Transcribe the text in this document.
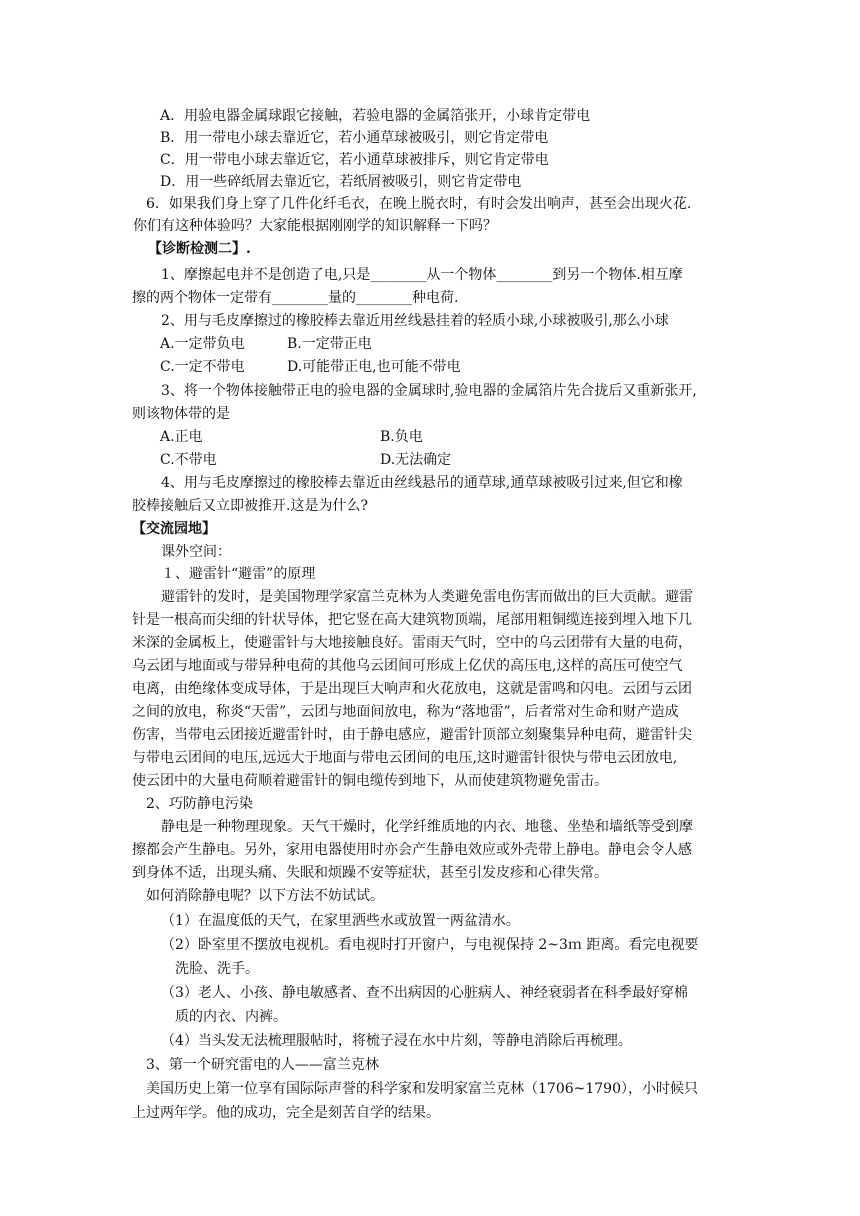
A．用验电器金属球跟它接触，若验电器的金属箔张开，小球肯定带电
B．用一带电小球去靠近它，若小通草球被吸引，则它肯定带电
C．用一带电小球去靠近它，若小通草球被排斥，则它肯定带电
D．用一些碎纸屑去靠近它，若纸屑被吸引，则它肯定带电
6．如果我们身上穿了几件化纤毛衣，在晚上脱衣时，有时会发出响声，甚至会出现火花.
你们有这种体验吗？大家能根据刚刚学的知识解释一下吗？
【诊断检测二】.
1、摩擦起电并不是创造了电,只是________从一个物体________到另一个物体.相互摩
擦的两个物体一定带有________量的________种电荷.
2、用与毛皮摩擦过的橡胶棒去靠近用丝线悬挂着的轻质小球,小球被吸引,那么小球
A.一定带负电	B.一定带正电
C.一定不带电	D.可能带正电,也可能不带电
3、将一个物体接触带正电的验电器的金属球时,验电器的金属箔片先合拢后又重新张开,
则该物体带的是
A.正电	B.负电
C.不带电	D.无法确定
4、用与毛皮摩擦过的橡胶棒去靠近由丝线悬吊的通草球,通草球被吸引过来,但它和橡
胶棒接触后又立即被推开.这是为什么?
【交流园地】
课外空间：
１、避雷针“避雷”的原理
避雷针的发时，是美国物理学家富兰克林为人类避免雷电伤害而做出的巨大贡献。避雷
针是一根高而尖细的针状导体，把它竖在高大建筑物顶端，尾部用粗铜缆连接到埋入地下几
米深的金属板上，使避雷针与大地接触良好。雷雨天气时，空中的乌云团带有大量的电荷，
乌云团与地面或与带异种电荷的其他乌云团间可形成上亿伏的高压电,这样的高压可使空气
电离，由绝缘体变成导体，于是出现巨大响声和火花放电，这就是雷鸣和闪电。云团与云团
之间的放电，称炎“天雷”，云团与地面间放电，称为“落地雷”，后者常对生命和财产造成
伤害，当带电云团接近避雷针时，由于静电感应，避雷针顶部立刻聚集异种电荷，避雷针尖
与带电云团间的电压,远远大于地面与带电云团间的电压,这时避雷针很快与带电云团放电,
使云团中的大量电荷顺着避雷针的铜电缆传到地下，从而使建筑物避免雷击。
2、巧防静电污染
静电是一种物理现象。天气干燥时，化学纤维质地的内衣、地毯、坐垫和墙纸等受到摩
擦都会产生静电。另外，家用电器使用时亦会产生静电效应或外壳带上静电。静电会令人感
到身体不适，出现头痛、失眠和烦躁不安等症状，甚至引发皮疹和心律失常。
如何消除静电呢？以下方法不妨试试。
（1）在温度低的天气，在家里洒些水或放置一两盆清水。
（2）卧室里不摆放电视机。看电视时打开窗户，与电视保持 2~3ｍ 距离。看完电视要
洗脸、洗手。
（3）老人、小孩、静电敏感者、查不出病因的心脏病人、神经衰弱者在科季最好穿棉
质的内衣、内裤。
（4）当头发无法梳理服帖时，将梳子浸在水中片刻，等静电消除后再梳理。
3、第一个研究雷电的人——富兰克林
美国历史上第一位享有国际际声誉的科学家和发明家富兰克林（1706~1790），小时候只
上过两年学。他的成功，完全是刻苦自学的结果。
